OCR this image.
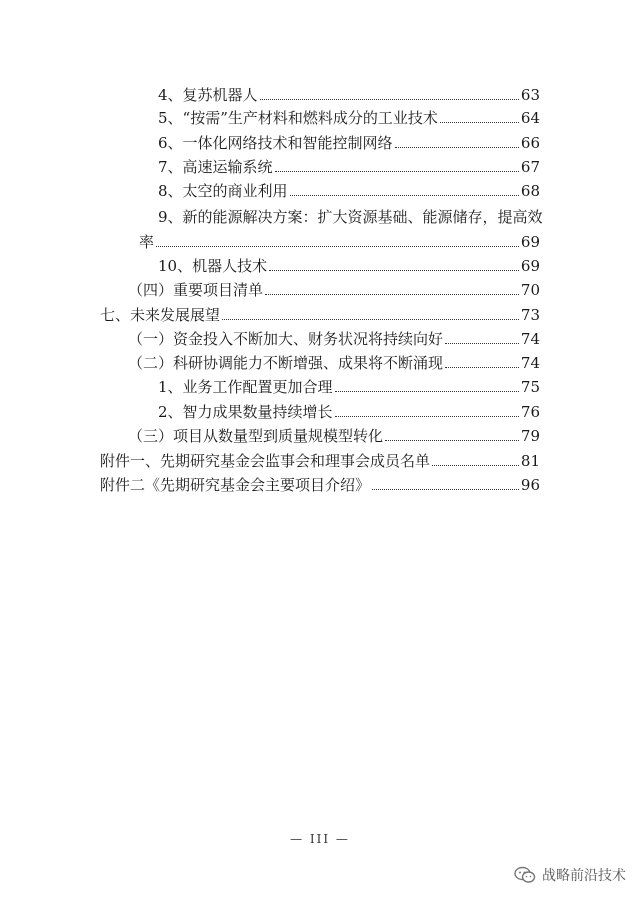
4、复苏机器人	63
5、“按需”生产材料和燃料成分的工业技术	64
6、一体化网络技术和智能控制网络	66
7、高速运输系统	67
8、太空的商业利用	68
9、新的能源解决方案：扩大资源基础、能源储存，提高效
率	69
10、机器人技术	69
（四）重要项目清单	70
七、未来发展展望	73
（一）资金投入不断加大、财务状况将持续向好	74
（二）科研协调能力不断增强、成果将不断涌现	74
1、业务工作配置更加合理	75
2、智力成果数量持续增长	76
（三）项目从数量型到质量规模型转化	79
附件一、先期研究基金会监事会和理事会成员名单	81
附件二《先期研究基金会主要项目介绍》	96
— III —
战略前沿技术
